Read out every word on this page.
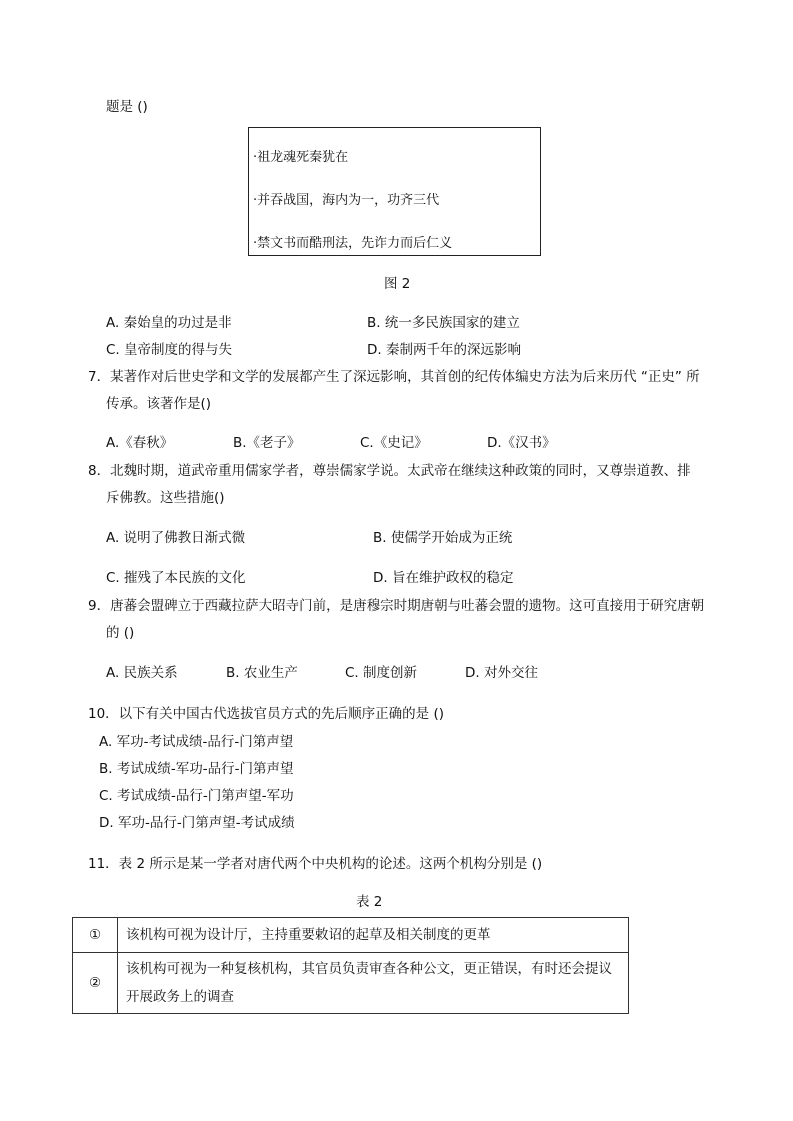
题是 ()
·祖龙魂死秦犹在
·并吞战国，海内为一，功齐三代
·禁文书而酷刑法，先诈力而后仁义
图 2
A. 秦始皇的功过是非	B. 统一多民族国家的建立
C. 皇帝制度的得与失	D. 秦制两千年的深远影响
7．某著作对后世史学和文学的发展都产生了深远影响，其首创的纪传体编史方法为后来历代 “正史” 所
传承。该著作是()
A.《春秋》	B.《老子》	C.《史记》	D.《汉书》
8．北魏时期，道武帝重用儒家学者，尊崇儒家学说。太武帝在继续这种政策的同时，又尊崇道教、排
斥佛教。这些措施()
A. 说明了佛教日渐式微	B. 使儒学开始成为正统
C. 摧残了本民族的文化	D. 旨在维护政权的稳定
9．唐蕃会盟碑立于西藏拉萨大昭寺门前，是唐穆宗时期唐朝与吐蕃会盟的遗物。这可直接用于研究唐朝
的 ()
A. 民族关系	B. 农业生产	C. 制度创新	D. 对外交往
10．以下有关中国古代选拔官员方式的先后顺序正确的是 ()
A. 军功-考试成绩-品行-门第声望
B. 考试成绩-军功-品行-门第声望
C. 考试成绩-品行-门第声望-军功
D. 军功-品行-门第声望-考试成绩
11．表 2 所示是某一学者对唐代两个中央机构的论述。这两个机构分别是 ()
表 2
①	该机构可视为设计厅，主持重要敕诏的起草及相关制度的更革
②	该机构可视为一种复核机构，其官员负责审查各种公文，更正错误，有时还会提议开展政务上的调查
